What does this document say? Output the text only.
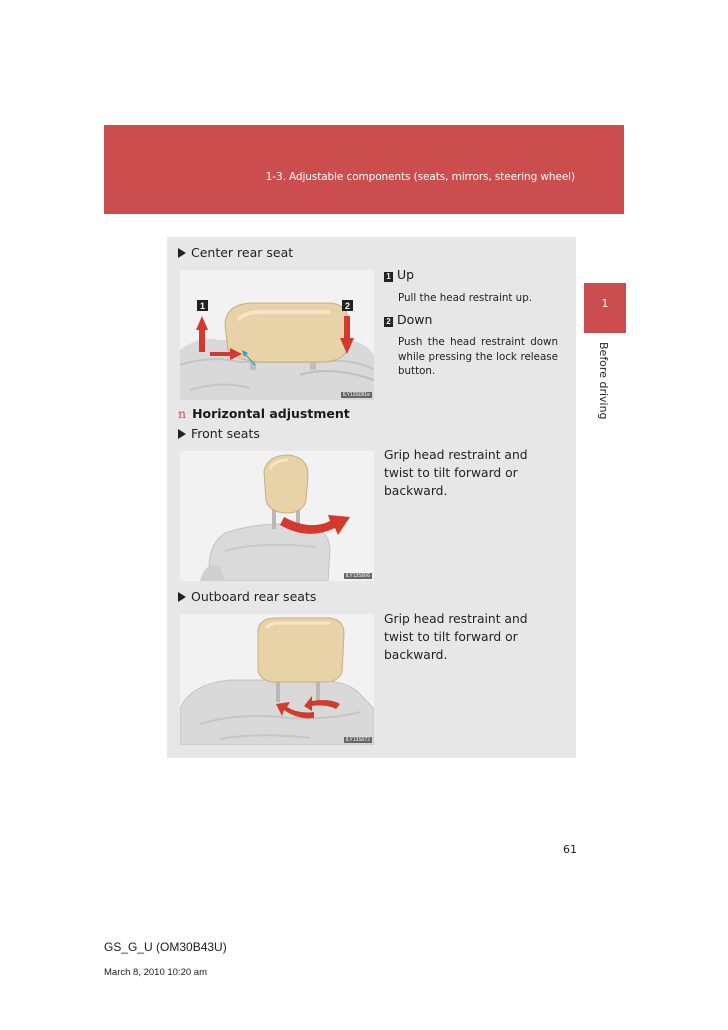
1-3. Adjustable components (seats, mirrors, steering wheel)
1
Before driving
Center rear seat
1	2
ILY13S091e
1 Up
Pull the head restraint up.
2 Down
Push the head restraint down while pressing the lock release button.
n Horizontal adjustment
Front seats
ILY13S006
Grip head restraint and twist to tilt forward or backward.
Outboard rear seats
ILY13S072
Grip head restraint and twist to tilt forward or backward.
61
GS_G_U (OM30B43U)
March 8, 2010 10:20 am
